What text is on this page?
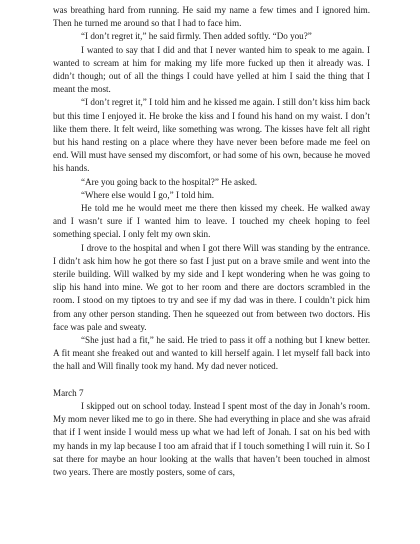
was breathing hard from running. He said my name a few times and I ignored him. Then he turned me around so that I had to face him.

“I don’t regret it,” he said firmly. Then added softly. “Do you?”

I wanted to say that I did and that I never wanted him to speak to me again. I wanted to scream at him for making my life more fucked up then it already was. I didn’t though; out of all the things I could have yelled at him I said the thing that I meant the most.

“I don’t regret it,” I told him and he kissed me again. I still don’t kiss him back but this time I enjoyed it. He broke the kiss and I found his hand on my waist. I don’t like them there. It felt weird, like something was wrong. The kisses have felt all right but his hand resting on a place where they have never been before made me feel on end. Will must have sensed my discomfort, or had some of his own, because he moved his hands.

“Are you going back to the hospital?” He asked.

“Where else would I go,” I told him.

He told me he would meet me there then kissed my cheek. He walked away and I wasn’t sure if I wanted him to leave. I touched my cheek hoping to feel something special. I only felt my own skin.

I drove to the hospital and when I got there Will was standing by the entrance. I didn’t ask him how he got there so fast I just put on a brave smile and went into the sterile building. Will walked by my side and I kept wondering when he was going to slip his hand into mine. We got to her room and there are doctors scrambled in the room. I stood on my tiptoes to try and see if my dad was in there. I couldn’t pick him from any other person standing. Then he squeezed out from between two doctors. His face was pale and sweaty.

“She just had a fit,” he said. He tried to pass it off a nothing but I knew better. A fit meant she freaked out and wanted to kill herself again. I let myself fall back into the hall and Will finally took my hand. My dad never noticed.

March 7

I skipped out on school today. Instead I spent most of the day in Jonah’s room. My mom never liked me to go in there. She had everything in place and she was afraid that if I went inside I would mess up what we had left of Jonah. I sat on his bed with my hands in my lap because I too am afraid that if I touch something I will ruin it. So I sat there for maybe an hour looking at the walls that haven’t been touched in almost two years. There are mostly posters, some of cars,
